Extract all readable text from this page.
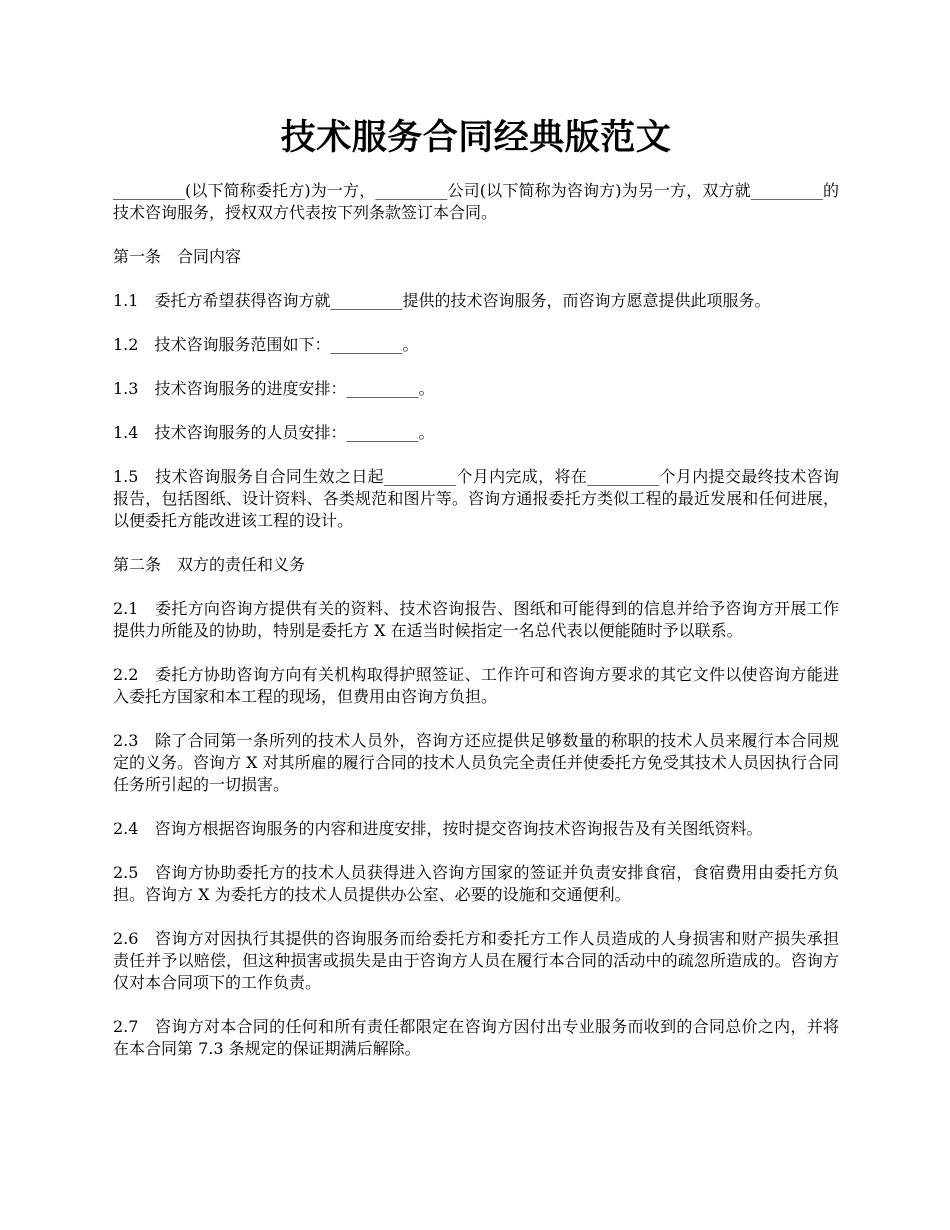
技术服务合同经典版范文

_________(以下简称委托方)为一方，_________公司(以下简称为咨询方)为另一方，双方就_________的技术咨询服务，授权双方代表按下列条款签订本合同。

第一条　合同内容

1.1　委托方希望获得咨询方就_________提供的技术咨询服务，而咨询方愿意提供此项服务。

1.2　技术咨询服务范围如下：_________。

1.3　技术咨询服务的进度安排：_________。

1.4　技术咨询服务的人员安排：_________。

1.5　技术咨询服务自合同生效之日起_________个月内完成，将在_________个月内提交最终技术咨询报告，包括图纸、设计资料、各类规范和图片等。咨询方通报委托方类似工程的最近发展和任何进展，以便委托方能改进该工程的设计。

第二条　双方的责任和义务

2.1　委托方向咨询方提供有关的资料、技术咨询报告、图纸和可能得到的信息并给予咨询方开展工作提供力所能及的协助，特别是委托方 X 在适当时候指定一名总代表以便能随时予以联系。

2.2　委托方协助咨询方向有关机构取得护照签证、工作许可和咨询方要求的其它文件以使咨询方能进入委托方国家和本工程的现场，但费用由咨询方负担。

2.3　除了合同第一条所列的技术人员外，咨询方还应提供足够数量的称职的技术人员来履行本合同规定的义务。咨询方 X 对其所雇的履行合同的技术人员负完全责任并使委托方免受其技术人员因执行合同任务所引起的一切损害。

2.4　咨询方根据咨询服务的内容和进度安排，按时提交咨询技术咨询报告及有关图纸资料。

2.5　咨询方协助委托方的技术人员获得进入咨询方国家的签证并负责安排食宿，食宿费用由委托方负担。咨询方 X 为委托方的技术人员提供办公室、必要的设施和交通便利。

2.6　咨询方对因执行其提供的咨询服务而给委托方和委托方工作人员造成的人身损害和财产损失承担责任并予以赔偿，但这种损害或损失是由于咨询方人员在履行本合同的活动中的疏忽所造成的。咨询方仅对本合同项下的工作负责。

2.7　咨询方对本合同的任何和所有责任都限定在咨询方因付出专业服务而收到的合同总价之内，并将在本合同第 7.3 条规定的保证期满后解除。
